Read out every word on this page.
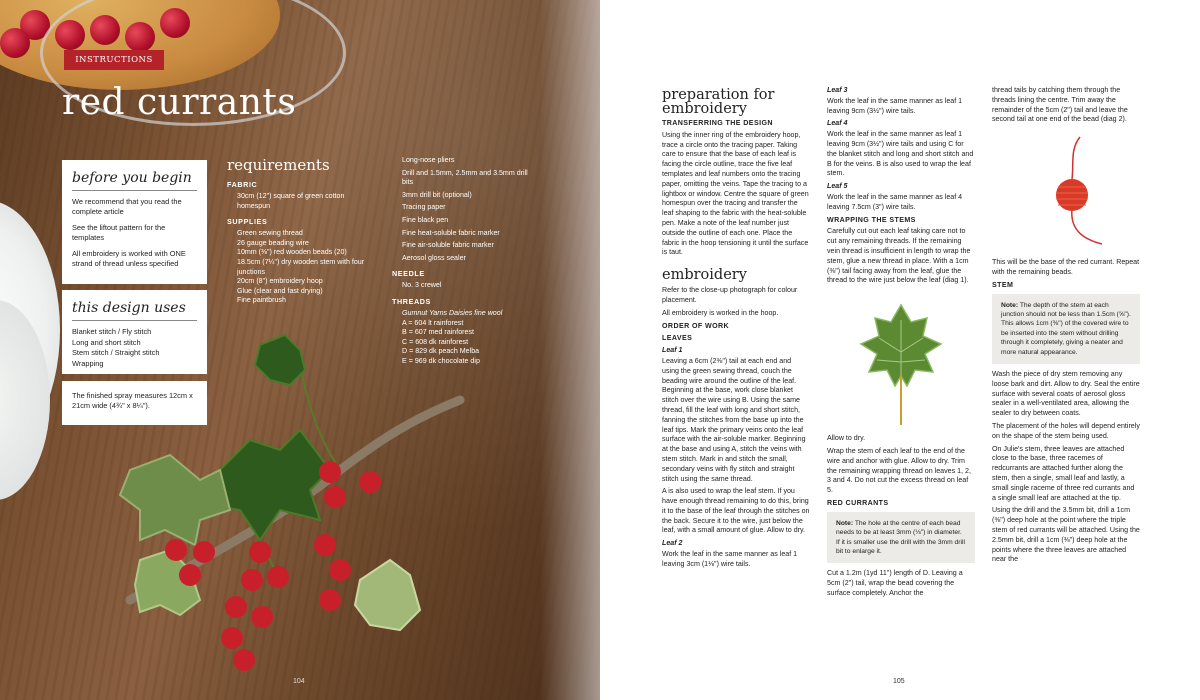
INSTRUCTIONS
red currants
before you begin

We recommend that you read the complete article

See the liftout pattern for the templates

All embroidery is worked with ONE strand of thread unless specified

this design uses
Blanket stitch / Fly stitch
Long and short stitch
Stem stitch / Straight stitch
Wrapping

The finished spray measures 12cm x 21cm wide (4¾" x 8¼").

requirements
FABRIC
30cm (12") square of green cotton homespun
SUPPLIES
Green sewing thread
26 gauge beading wire
10mm (⅜") red wooden beads (20)
18.5cm (7¼") dry wooden stem with four junctions
20cm (8") embroidery hoop
Glue (clear and fast drying)
Fine paintbrush
Long-nose pliers
Drill and 1.5mm, 2.5mm and 3.5mm drill bits
3mm drill bit (optional)
Tracing paper
Fine black pen
Fine heat-soluble fabric marker
Fine air-soluble fabric marker
Aerosol gloss sealer
NEEDLE
No. 3 crewel
THREADS
Gumnut Yarns Daisies fine wool
A = 604 lt rainforest
B = 607 med rainforest
C = 608 dk rainforest
D = 829 dk peach Melba
E = 969 dk chocolate dip
104
preparation for embroidery
TRANSFERRING THE DESIGN

Using the inner ring of the embroidery hoop, trace a circle onto the tracing paper. Taking care to ensure that the base of each leaf is facing the circle outline, trace the five leaf templates and leaf numbers onto the tracing paper, omitting the veins. Tape the tracing to a lightbox or window. Centre the square of green homespun over the tracing and transfer the leaf shaping to the fabric with the heat-soluble pen. Make a note of the leaf number just outside the outline of each one. Place the fabric in the hoop tensioning it until the surface is taut.

embroidery

Refer to the close-up photograph for colour placement.

All embroidery is worked in the hoop.

ORDER OF WORK
LEAVES
Leaf 1

Leaving a 6cm (2⅜") tail at each end and using the green sewing thread, couch the beading wire around the outline of the leaf. Beginning at the base, work close blanket stitch over the wire using B. Using the same thread, fill the leaf with long and short stitch, fanning the stitches from the base up into the leaf tips. Mark the primary veins onto the leaf surface with the air-soluble marker. Beginning at the base and using A, stitch the veins with stem stitch. Mark in and stitch the small, secondary veins with fly stitch and straight stitch using the same thread.

A is also used to wrap the leaf stem. If you have enough thread remaining to do this, bring it to the base of the leaf through the stitches on the back. Secure it to the wire, just below the leaf, with a small amount of glue. Allow to dry.

Leaf 2

Work the leaf in the same manner as leaf 1 leaving 3cm (1⅛") wire tails.

Leaf 3

Work the leaf in the same manner as leaf 1 leaving 9cm (3½") wire tails.

Leaf 4

Work the leaf in the same manner as leaf 1 leaving 9cm (3½") wire tails and using C for the blanket stitch and long and short stitch and B for the veins. B is also used to wrap the leaf stem.

Leaf 5

Work the leaf in the same manner as leaf 4 leaving 7.5cm (3") wire tails.

WRAPPING THE STEMS

Carefully cut out each leaf taking care not to cut any remaining threads. If the remaining vein thread is insufficient in length to wrap the stem, glue a new thread in place. With a 1cm (⅜") tail facing away from the leaf, glue the thread to the wire just below the leaf (diag 1).

Allow to dry.

Wrap the stem of each leaf to the end of the wire and anchor with glue. Allow to dry. Trim the remaining wrapping thread on leaves 1, 2, 3 and 4. Do not cut the excess thread on leaf 5.

RED CURRANTS
Note: The hole at the centre of each bead needs to be at least 3mm (⅛") in diameter. If it is smaller use the drill with the 3mm drill bit to enlarge it.

Cut a 1.2m (1yd 11") length of D. Leaving a 5cm (2") tail, wrap the bead covering the surface completely. Anchor the

thread tails by catching them through the threads lining the centre. Trim away the remainder of the 5cm (2") tail and leave the second tail at one end of the bead (diag 2).

This will be the base of the red currant. Repeat with the remaining beads.

STEM
Note: The depth of the stem at each junction should not be less than 1.5cm (⅝"). This allows 1cm (⅜") of the covered wire to be inserted into the stem without drilling through it completely, giving a neater and more natural appearance.

Wash the piece of dry stem removing any loose bark and dirt. Allow to dry. Seal the entire surface with several coats of aerosol gloss sealer in a well-ventilated area, allowing the sealer to dry between coats.

The placement of the holes will depend entirely on the shape of the stem being used.

On Julie's stem, three leaves are attached close to the base, three racemes of redcurrants are attached further along the stem, then a single, small leaf and lastly, a small single raceme of three red currants and a single small leaf are attached at the tip.

Using the drill and the 3.5mm bit, drill a 1cm (⅜") deep hole at the point where the triple stem of red currants will be attached. Using the 2.5mm bit, drill a 1cm (⅜") deep hole at the points where the three leaves are attached near the

105
